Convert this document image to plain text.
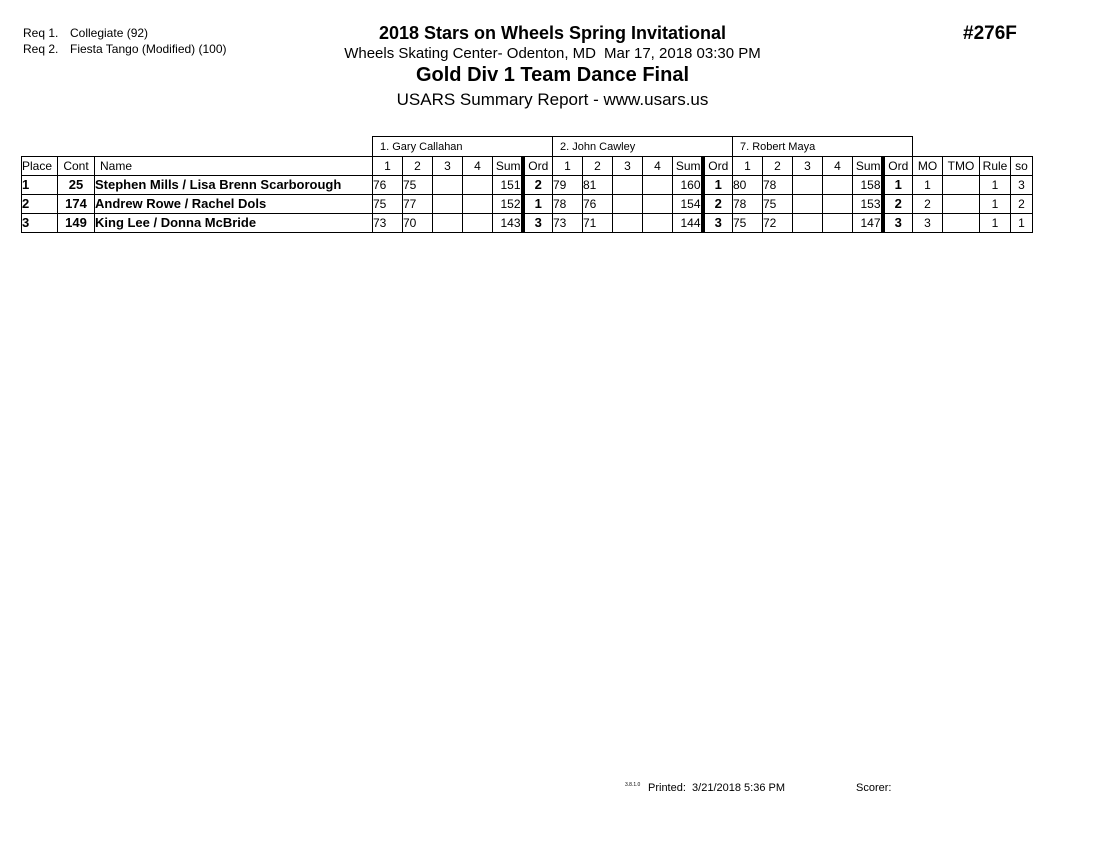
Req 1. Collegiate (92)
Req 2. Fiesta Tango (Modified) (100)
2018 Stars on Wheels Spring Invitational
Wheels Skating Center- Odenton, MD Mar 17, 2018 03:30 PM
Gold Div 1 Team Dance Final
USARS Summary Report - www.usars.us
#276F
			1. Gary Callahan						2. John Cawley						7. Robert Maya									
Place	Cont	Name	1	2	3	4	Sum	Ord	1	2	3	4	Sum	Ord	1	2	3	4	Sum	Ord	MO	TMO	Rule	so
1	25	Stephen Mills / Lisa Brenn Scarborough	76	75			151	2	79	81			160	1	80	78			158	1	1		1	3
2	174	Andrew Rowe / Rachel Dols	75	77			152	1	78	76			154	2	78	75			153	2	2		1	2
3	149	King Lee / Donna McBride	73	70			143	3	73	71			144	3	75	72			147	3	3		1	1
3.8.1.0 Printed: 3/21/2018 5:36 PM	Scorer:
